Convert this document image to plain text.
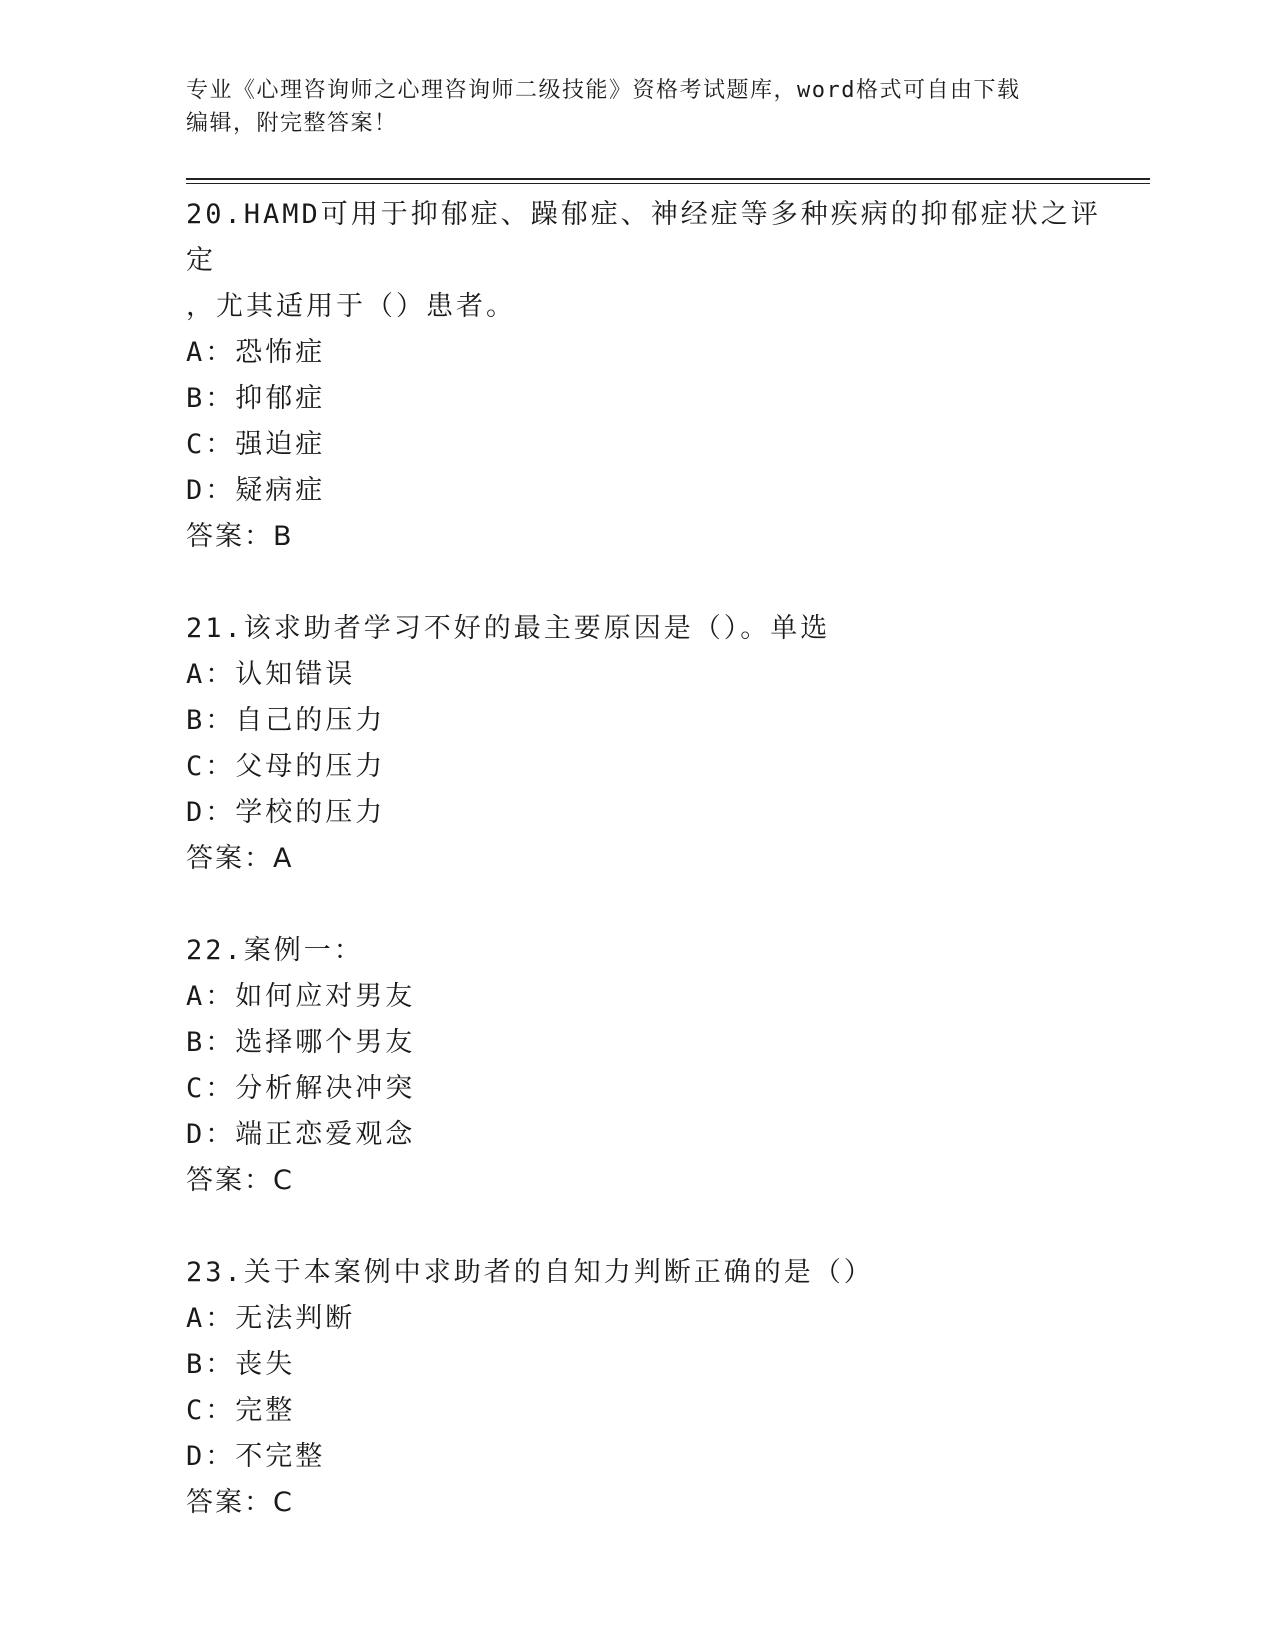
专业《心理咨询师之心理咨询师二级技能》资格考试题库，word格式可自由下载
编辑，附完整答案！
20.HAMD可用于抑郁症、躁郁症、神经症等多种疾病的抑郁症状之评定
，尤其适用于（）患者。
A：恐怖症
B：抑郁症
C：强迫症
D：疑病症
答案：B
21.该求助者学习不好的最主要原因是（）。单选
A：认知错误
B：自己的压力
C：父母的压力
D：学校的压力
答案：A
22.案例一：
A：如何应对男友
B：选择哪个男友
C：分析解决冲突
D：端正恋爱观念
答案：C
23.关于本案例中求助者的自知力判断正确的是（）
A：无法判断
B：丧失
C：完整
D：不完整
答案：C
